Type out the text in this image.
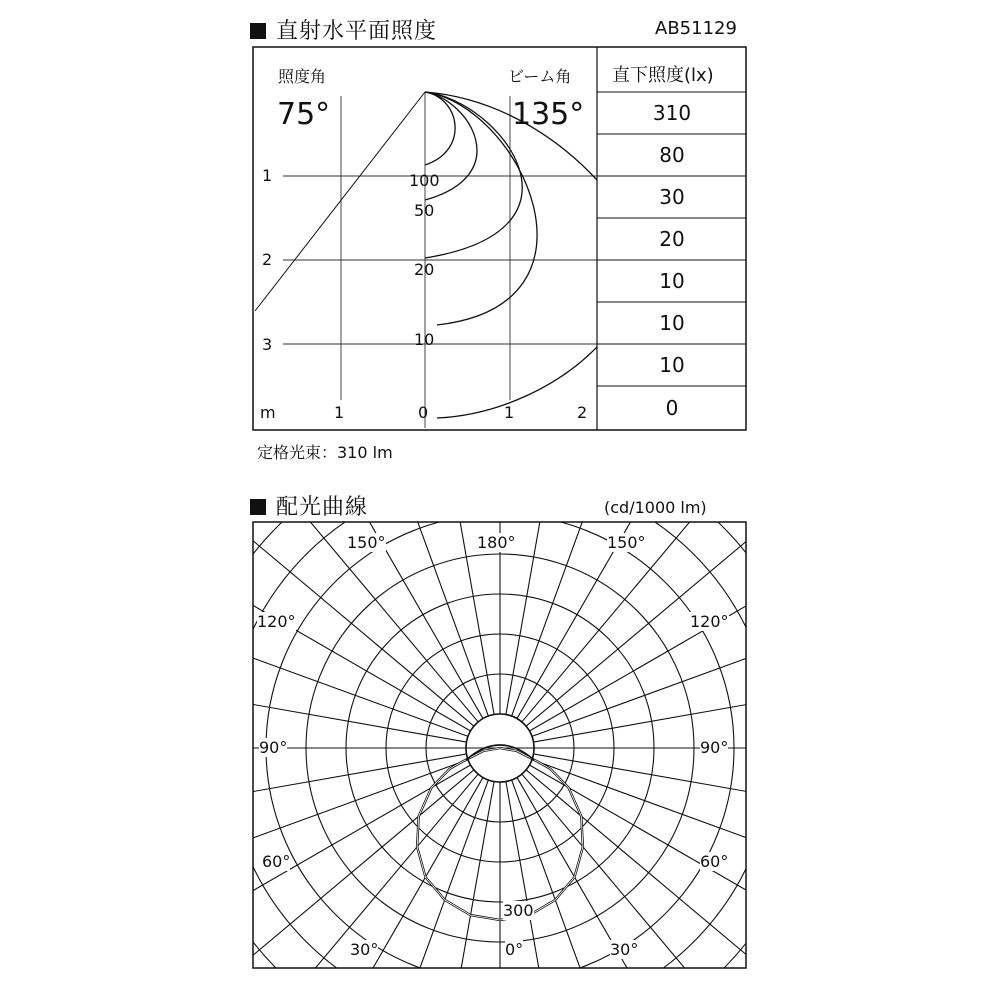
直射水平面照度	AB51129
照度角	ビーム角 直下照度(lx)
75°	135°	310
80
30
20
10
10
10
0
1
2
3
m	1	0	1	2
100
50
20
10
定格光束：310 lm
配光曲線	(cd/1000 lm)
150°	180°	150°
120°	120°
90°	90°
60°	60°
30°	0°	30°
300
